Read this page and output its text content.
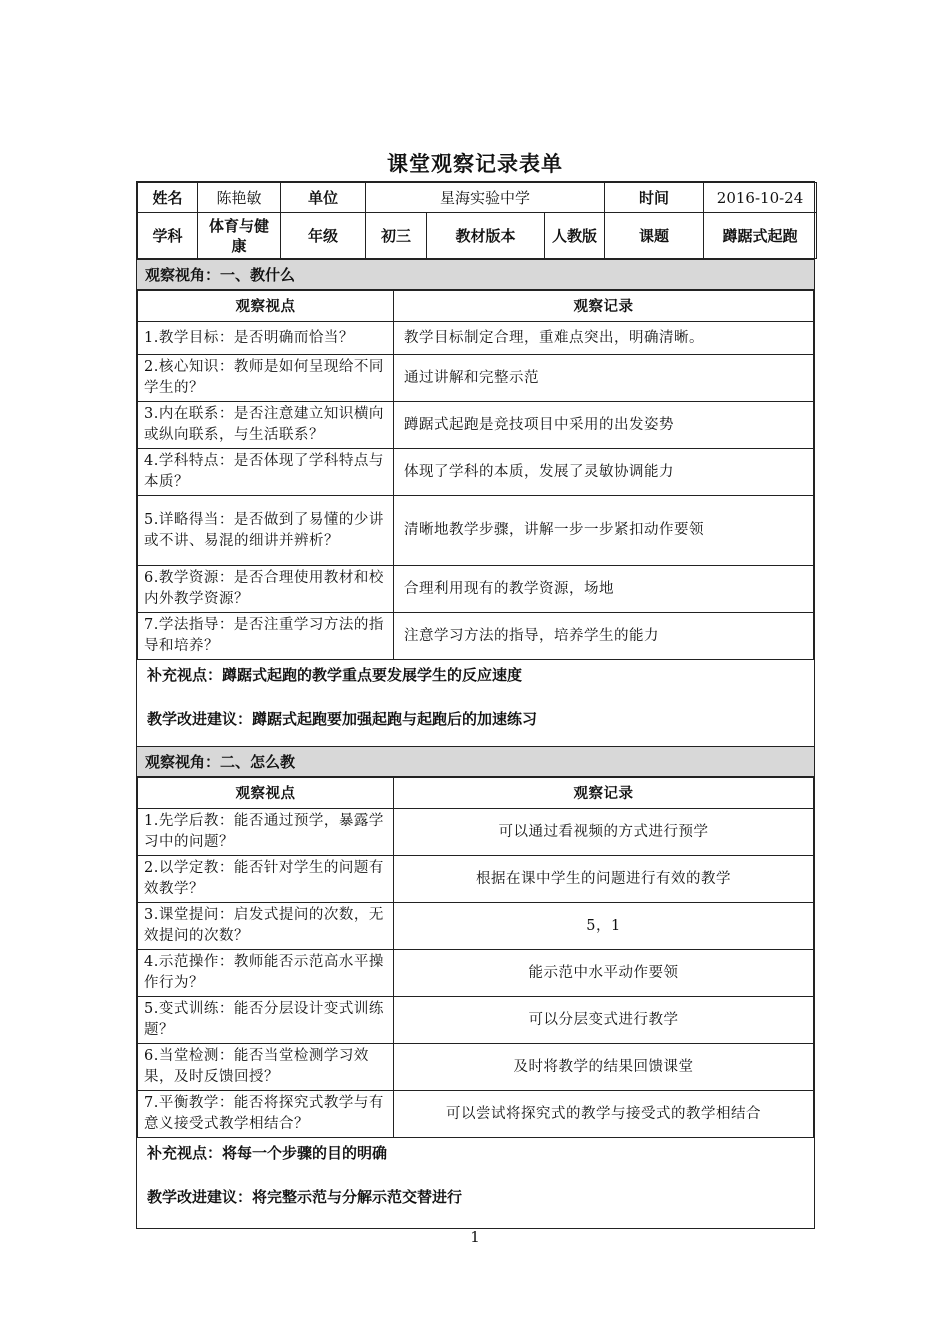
课堂观察记录表单
姓名	陈艳敏	单位	星海实验中学			时间	2016-10-24
学科	体育与健康	年级	初三	教材版本	人教版	课题	蹲踞式起跑
观察视角：一、教什么
观察视点	观察记录
1.教学目标：是否明确而恰当？	教学目标制定合理，重难点突出，明确清晰。
2.核心知识：教师是如何呈现给不同学生的？	通过讲解和完整示范
3.内在联系：是否注意建立知识横向或纵向联系，与生活联系？	蹲踞式起跑是竞技项目中采用的出发姿势
4.学科特点：是否体现了学科特点与本质？	体现了学科的本质，发展了灵敏协调能力
5.详略得当：是否做到了易懂的少讲或不讲、易混的细讲并辨析？	清晰地教学步骤，讲解一步一步紧扣动作要领
6.教学资源：是否合理使用教材和校内外教学资源？	合理利用现有的教学资源，场地
7.学法指导：是否注重学习方法的指导和培养？	注意学习方法的指导，培养学生的能力

补充视点：蹲踞式起跑的教学重点要发展学生的反应速度

教学改进建议：蹲踞式起跑要加强起跑与起跑后的加速练习

观察视角：二、怎么教
观察视点	观察记录
1.先学后教：能否通过预学，暴露学习中的问题？	可以通过看视频的方式进行预学
2.以学定教：能否针对学生的问题有效教学？	根据在课中学生的问题进行有效的教学
3.课堂提问：启发式提问的次数，无效提问的次数？	5，1
4.示范操作：教师能否示范高水平操作行为？	能示范中水平动作要领
5.变式训练：能否分层设计变式训练题？	可以分层变式进行教学
6.当堂检测：能否当堂检测学习效果，及时反馈回授？	及时将教学的结果回馈课堂
7.平衡教学：能否将探究式教学与有意义接受式教学相结合？	可以尝试将探究式的教学与接受式的教学相结合

补充视点：将每一个步骤的目的明确

教学改进建议：将完整示范与分解示范交替进行

1
